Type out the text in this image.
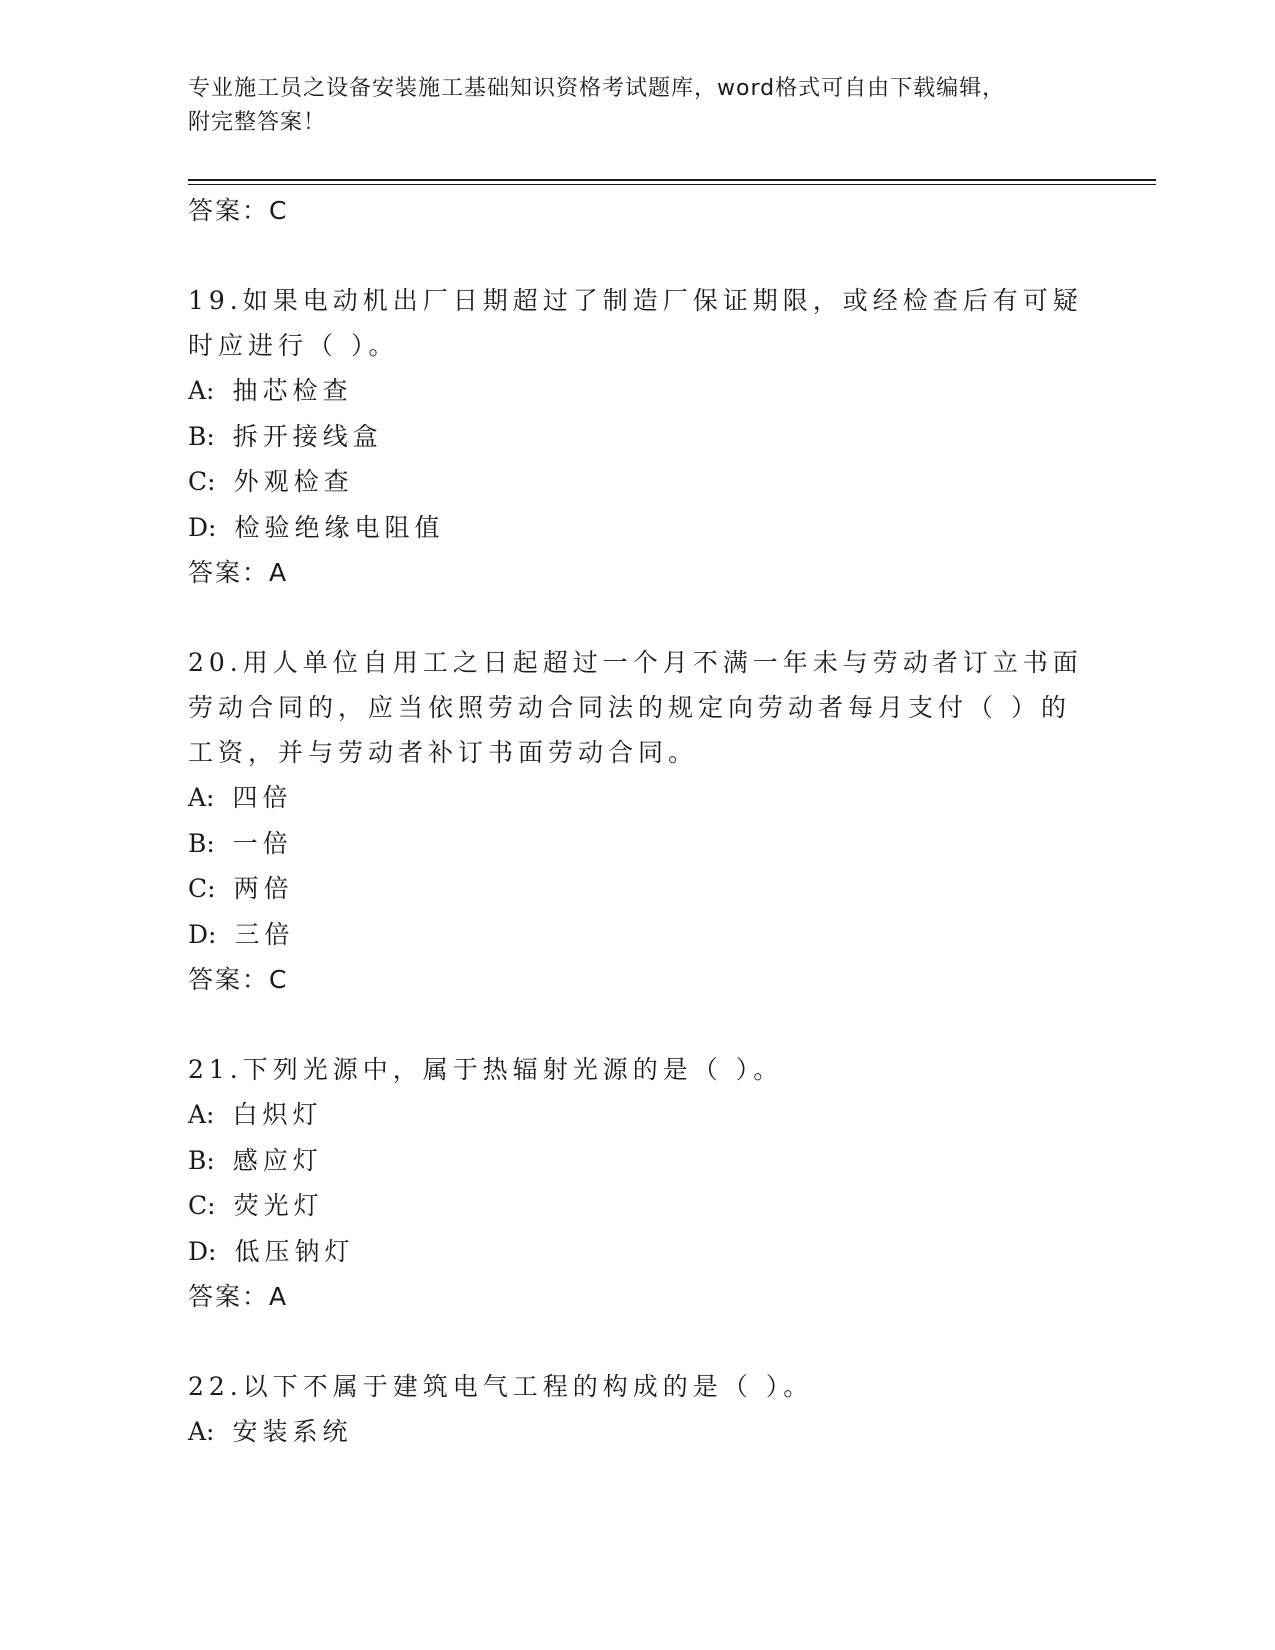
专业施工员之设备安装施工基础知识资格考试题库，word格式可自由下载编辑，
附完整答案！
答案：C
19.如果电动机出厂日期超过了制造厂保证期限，或经检查后有可疑时应进行（ ）。
A: 抽芯检查
B: 拆开接线盒
C: 外观检查
D: 检验绝缘电阻值
答案：A
20.用人单位自用工之日起超过一个月不满一年未与劳动者订立书面劳动合同的，应当依照劳动合同法的规定向劳动者每月支付（ ）的工资，并与劳动者补订书面劳动合同。
A: 四倍
B: 一倍
C: 两倍
D: 三倍
答案：C
21.下列光源中，属于热辐射光源的是（ ）。
A: 白炽灯
B: 感应灯
C: 荧光灯
D: 低压钠灯
答案：A
22.以下不属于建筑电气工程的构成的是（ ）。
A: 安装系统
